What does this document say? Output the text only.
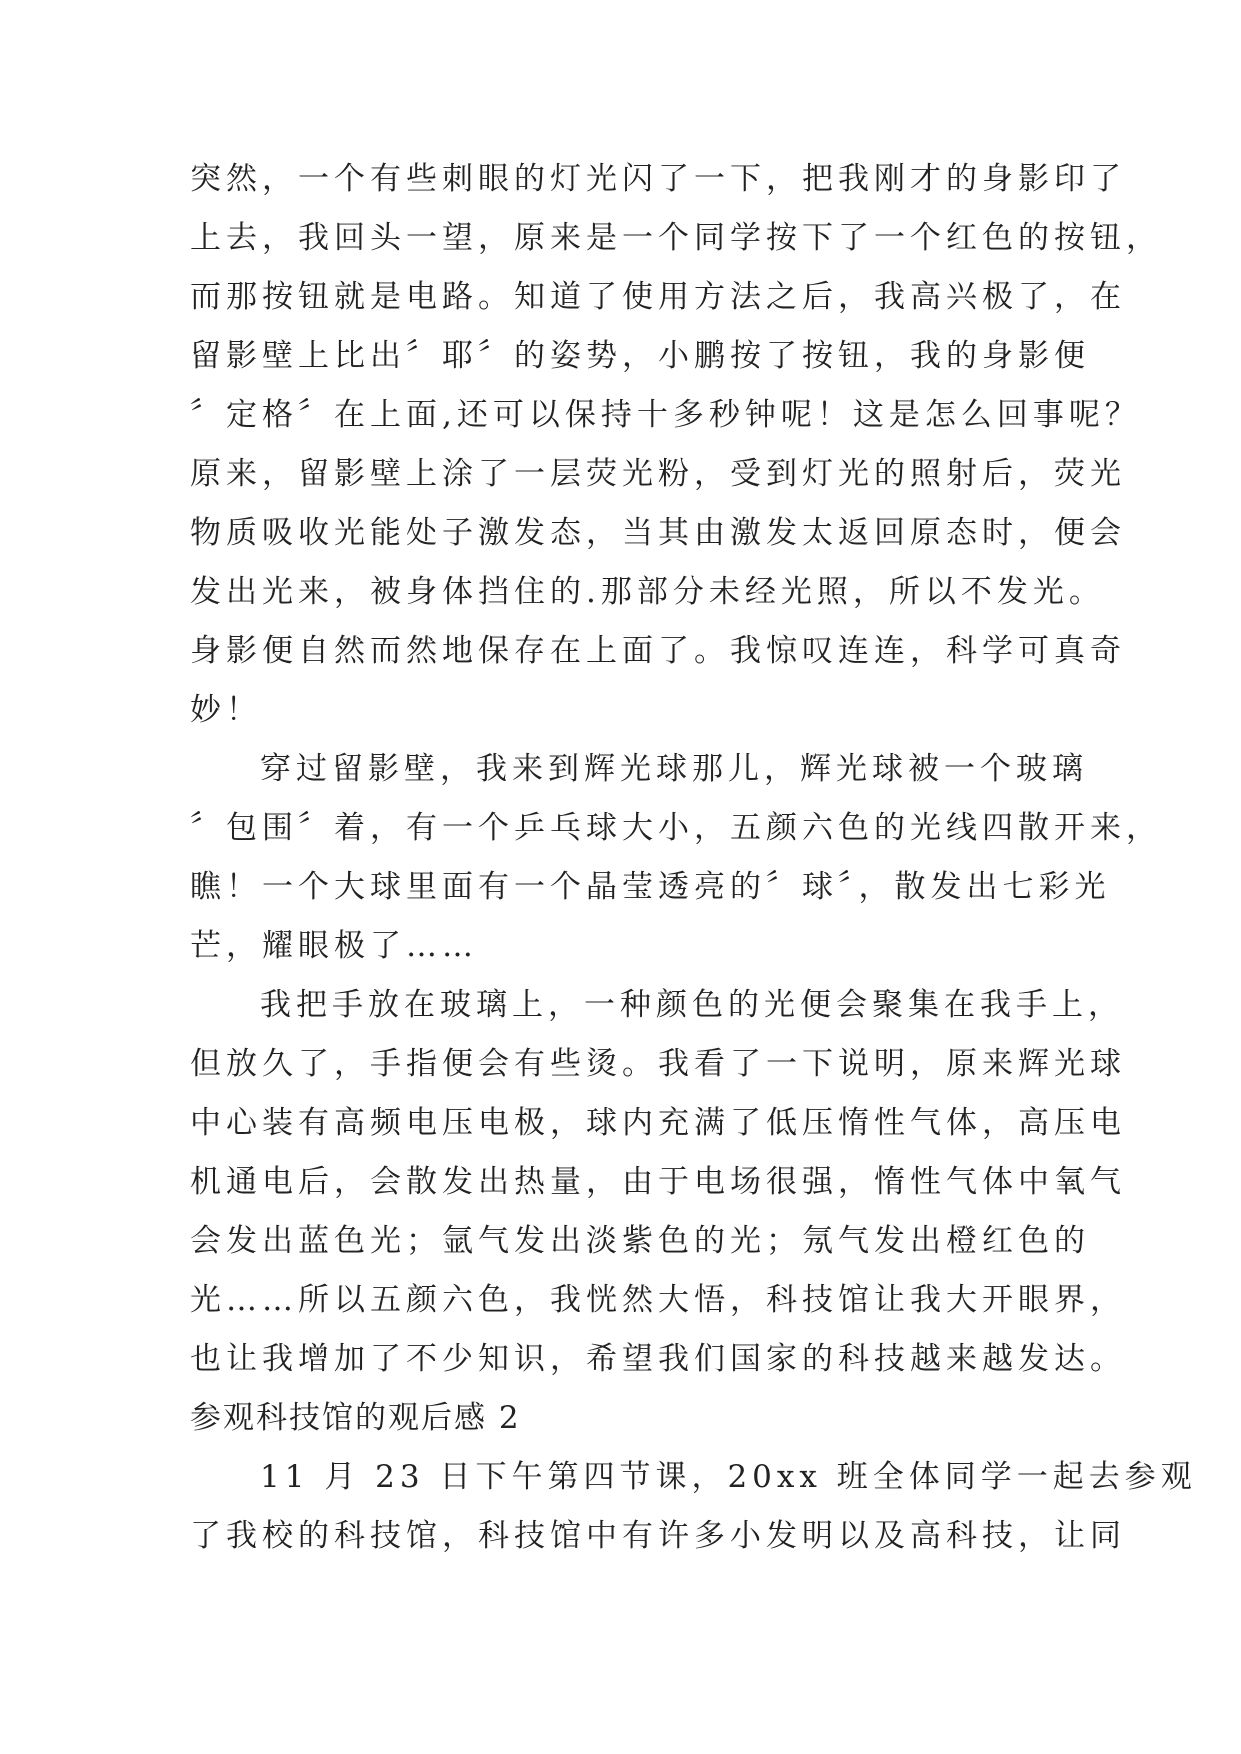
突然，一个有些刺眼的灯光闪了一下，把我刚才的身影印了
上去，我回头一望，原来是一个同学按下了一个红色的按钮，
而那按钮就是电路。知道了使用方法之后，我高兴极了，在
留影壁上比出〞耶〞的姿势，小鹏按了按钮，我的身影便
〞定格〞在上面,还可以保持十多秒钟呢！这是怎么回事呢？
原来，留影壁上涂了一层荧光粉，受到灯光的照射后，荧光
物质吸收光能处子激发态，当其由激发太返回原态时，便会
发出光来，被身体挡住的.那部分未经光照，所以不发光。
身影便自然而然地保存在上面了。我惊叹连连，科学可真奇
妙！
穿过留影壁，我来到辉光球那儿，辉光球被一个玻璃
〞包围〞着，有一个乒乓球大小，五颜六色的光线四散开来，
瞧！一个大球里面有一个晶莹透亮的〞球〞，散发出七彩光
芒，耀眼极了……
我把手放在玻璃上，一种颜色的光便会聚集在我手上，
但放久了，手指便会有些烫。我看了一下说明，原来辉光球
中心装有高频电压电极，球内充满了低压惰性气体，高压电
机通电后，会散发出热量，由于电场很强，惰性气体中氧气
会发出蓝色光；氩气发出淡紫色的光；氖气发出橙红色的
光……所以五颜六色，我恍然大悟，科技馆让我大开眼界，
也让我增加了不少知识，希望我们国家的科技越来越发达。
参观科技馆的观后感 2
11 月 23 日下午第四节课，20xx 班全体同学一起去参观
了我校的科技馆，科技馆中有许多小发明以及高科技，让同
